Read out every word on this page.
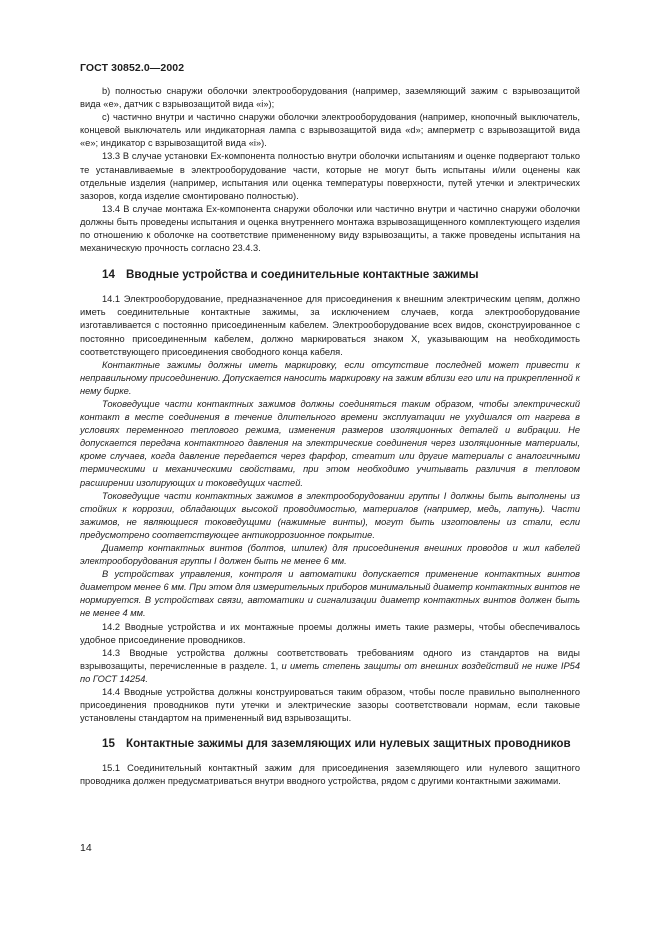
ГОСТ 30852.0—2002

b) полностью снаружи оболочки электрооборудования (например, заземляющий зажим с взрывозащитой вида «е», датчик с взрывозащитой вида «і»);

c) частично внутри и частично снаружи оболочки электрооборудования (например, кнопочный выключатель, концевой выключатель или индикаторная лампа с взрывозащитой вида «d»; амперметр с взрывозащитой вида «е»; индикатор с взрывозащитой вида «і»).

13.3 В случае установки Ех-компонента полностью внутри оболочки испытаниям и оценке подвергают только те устанавливаемые в электрооборудование части, которые не могут быть испытаны и/или оценены как отдельные изделия (например, испытания или оценка температуры поверхности, путей утечки и электрических зазоров, когда изделие смонтировано полностью).

13.4 В случае монтажа Ех-компонента снаружи оболочки или частично внутри и частично снаружи оболочки должны быть проведены испытания и оценка внутреннего монтажа взрывозащищенного комплектующего изделия по отношению к оболочке на соответствие примененному виду взрывозащиты, а также проведены испытания на механическую прочность согласно 23.4.3.

14 Вводные устройства и соединительные контактные зажимы

14.1 Электрооборудование, предназначенное для присоединения к внешним электрическим цепям, должно иметь соединительные контактные зажимы, за исключением случаев, когда электрооборудование изготавливается с постоянно присоединенным кабелем. Электрооборудование всех видов, сконструированное с постоянно присоединенным кабелем, должно маркироваться знаком Х, указывающим на необходимость соответствующего присоединения свободного конца кабеля.

Контактные зажимы должны иметь маркировку, если отсутствие последней может привести к неправильному присоединению. Допускается наносить маркировку на зажим вблизи его или на прикрепленной к нему бирке.

Токоведущие части контактных зажимов должны соединяться таким образом, чтобы электрический контакт в месте соединения в течение длительного времени эксплуатации не ухудшался от нагрева в условиях переменного теплового режима, изменения размеров изоляционных деталей и вибрации. Не допускается передача контактного давления на электрические соединения через изоляционные материалы, кроме случаев, когда давление передается через фарфор, стеатит или другие материалы с аналогичными термическими и механическими свойствами, при этом необходимо учитывать различия в тепловом расширении изолирующих и токоведущих частей.

Токоведущие части контактных зажимов в электрооборудовании группы I должны быть выполнены из стойких к коррозии, обладающих высокой проводимостью, материалов (например, медь, латунь). Части зажимов, не являющиеся токоведущими (нажимные винты), могут быть изготовлены из стали, если предусмотрено соответствующее антикоррозионное покрытие.

Диаметр контактных винтов (болтов, шпилек) для присоединения внешних проводов и жил кабелей электрооборудования группы I должен быть не менее 6 мм.

В устройствах управления, контроля и автоматики допускается применение контактных винтов диаметром менее 6 мм. При этом для измерительных приборов минимальный диаметр контактных винтов не нормируется. В устройствах связи, автоматики и сигнализации диаметр контактных винтов должен быть не менее 4 мм.

14.2 Вводные устройства и их монтажные проемы должны иметь такие размеры, чтобы обеспечивалось удобное присоединение проводников.

14.3 Вводные устройства должны соответствовать требованиям одного из стандартов на виды взрывозащиты, перечисленные в разделе. 1, и иметь степень защиты от внешних воздействий не ниже IP54 по ГОСТ 14254.

14.4 Вводные устройства должны конструироваться таким образом, чтобы после правильно выполненного присоединения проводников пути утечки и электрические зазоры соответствовали нормам, если таковые установлены стандартом на примененный вид взрывозащиты.

15 Контактные зажимы для заземляющих или нулевых защитных проводников

15.1 Соединительный контактный зажим для присоединения заземляющего или нулевого защитного проводника должен предусматриваться внутри вводного устройства, рядом с другими контактными зажимами.

14
